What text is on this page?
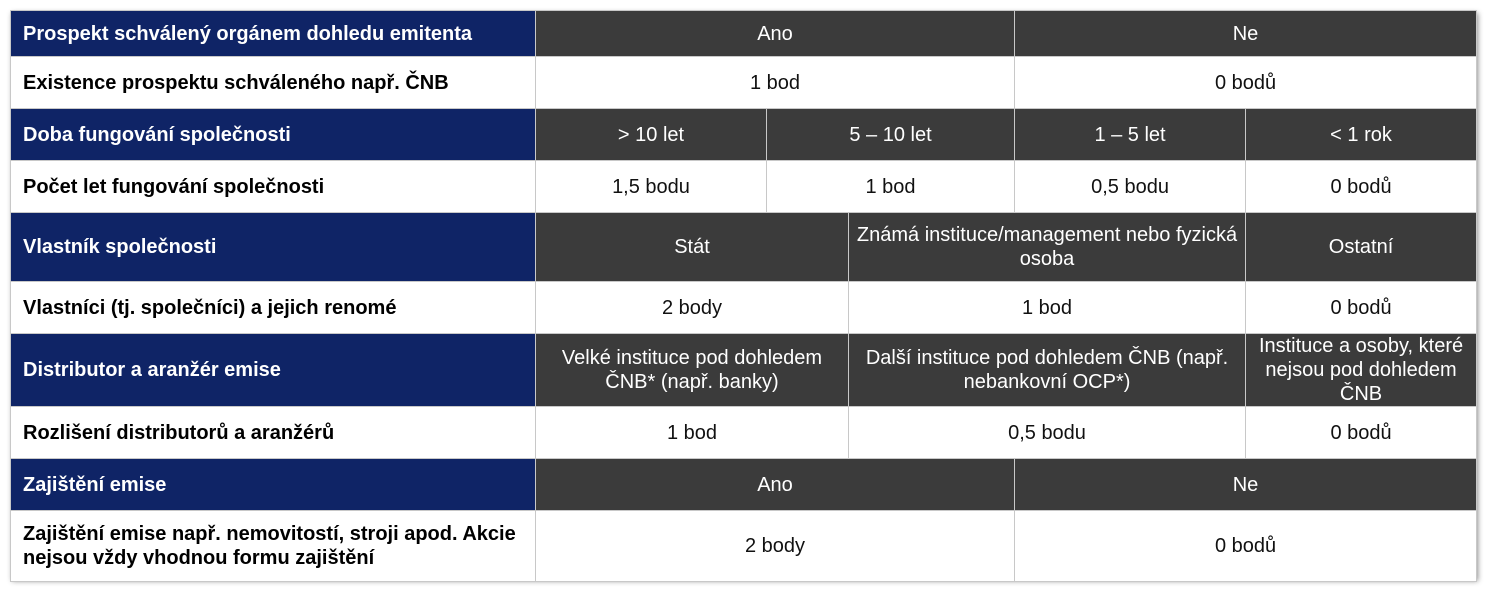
Prospekt schválený orgánem dohledu emitenta	Ano			Ne	
Existence prospektu schváleného např. ČNB	1 bod			0 bodů	
Doba fungování společnosti	> 10 let	5 – 10 let		1 – 5 let	< 1 rok
Počet let fungování společnosti	1,5 bodu	1 bod		0,5 bodu	0 bodů
Vlastník společnosti	Stát		Známá instituce/management nebo fyzická osoba		Ostatní
Vlastníci (tj. společníci) a jejich renomé	2 body		1 bod		0 bodů
Distributor a aranžér emise	Velké instituce pod dohledem ČNB* (např. banky)		Další instituce pod dohledem ČNB (např. nebankovní OCP*)		Instituce a osoby, které nejsou pod dohledem ČNB
Rozlišení distributorů a aranžérů	1 bod		0,5 bodu		0 bodů
Zajištění emise	Ano			Ne	
Zajištění emise např. nemovitostí, stroji apod. Akcie nejsou vždy vhodnou formu zajištění	2 body			0 bodů	
